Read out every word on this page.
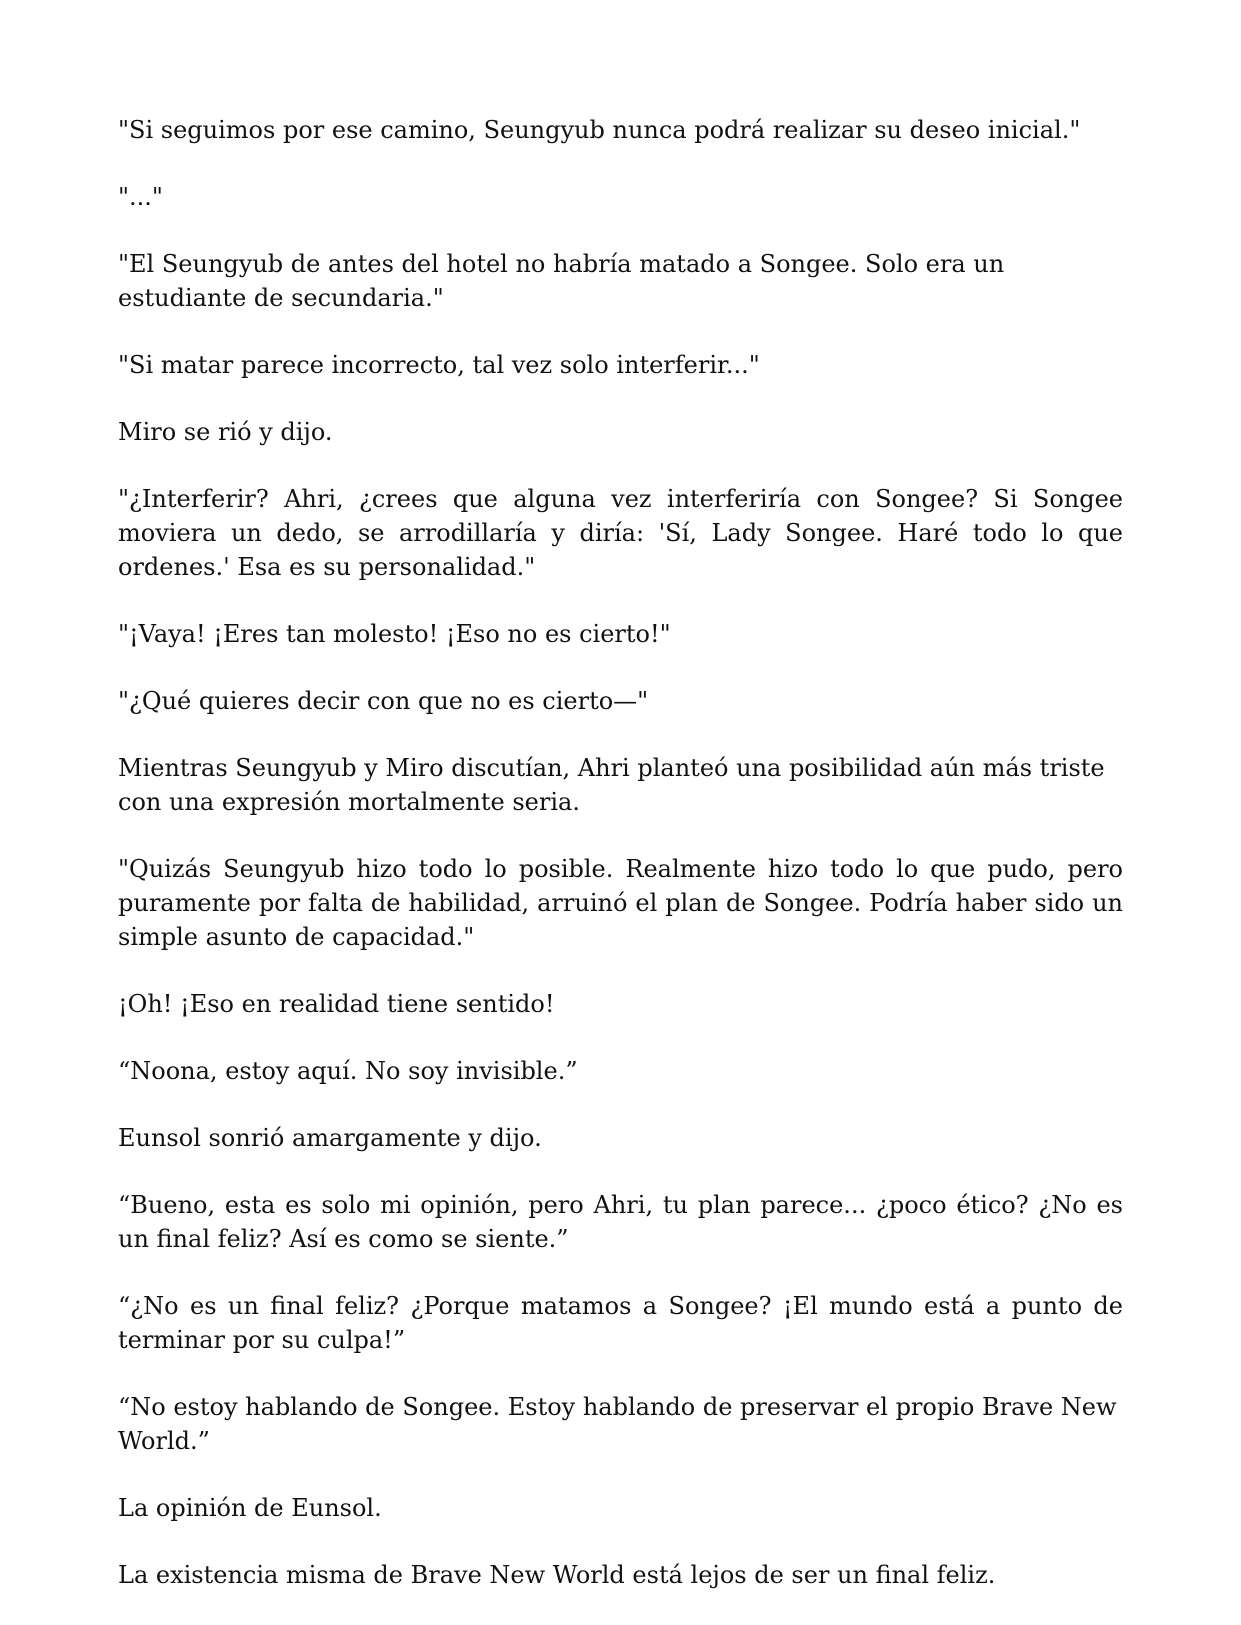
"Si seguimos por ese camino, Seungyub nunca podrá realizar su deseo inicial."

"..."

"El Seungyub de antes del hotel no habría matado a Songee. Solo era un estudiante de secundaria."

"Si matar parece incorrecto, tal vez solo interferir..."

Miro se rió y dijo.

"¿Interferir? Ahri, ¿crees que alguna vez interferiría con Songee? Si Songee moviera un dedo, se arrodillaría y diría: 'Sí, Lady Songee. Haré todo lo que ordenes.' Esa es su personalidad."

"¡Vaya! ¡Eres tan molesto! ¡Eso no es cierto!"

"¿Qué quieres decir con que no es cierto—"

Mientras Seungyub y Miro discutían, Ahri planteó una posibilidad aún más triste con una expresión mortalmente seria.

"Quizás Seungyub hizo todo lo posible. Realmente hizo todo lo que pudo, pero puramente por falta de habilidad, arruinó el plan de Songee. Podría haber sido un simple asunto de capacidad."

¡Oh! ¡Eso en realidad tiene sentido!

“Noona, estoy aquí. No soy invisible.”

Eunsol sonrió amargamente y dijo.

“Bueno, esta es solo mi opinión, pero Ahri, tu plan parece... ¿poco ético? ¿No es un final feliz? Así es como se siente.”

“¿No es un final feliz? ¿Porque matamos a Songee? ¡El mundo está a punto de terminar por su culpa!”

“No estoy hablando de Songee. Estoy hablando de preservar el propio Brave New World.”

La opinión de Eunsol.

La existencia misma de Brave New World está lejos de ser un final feliz.
